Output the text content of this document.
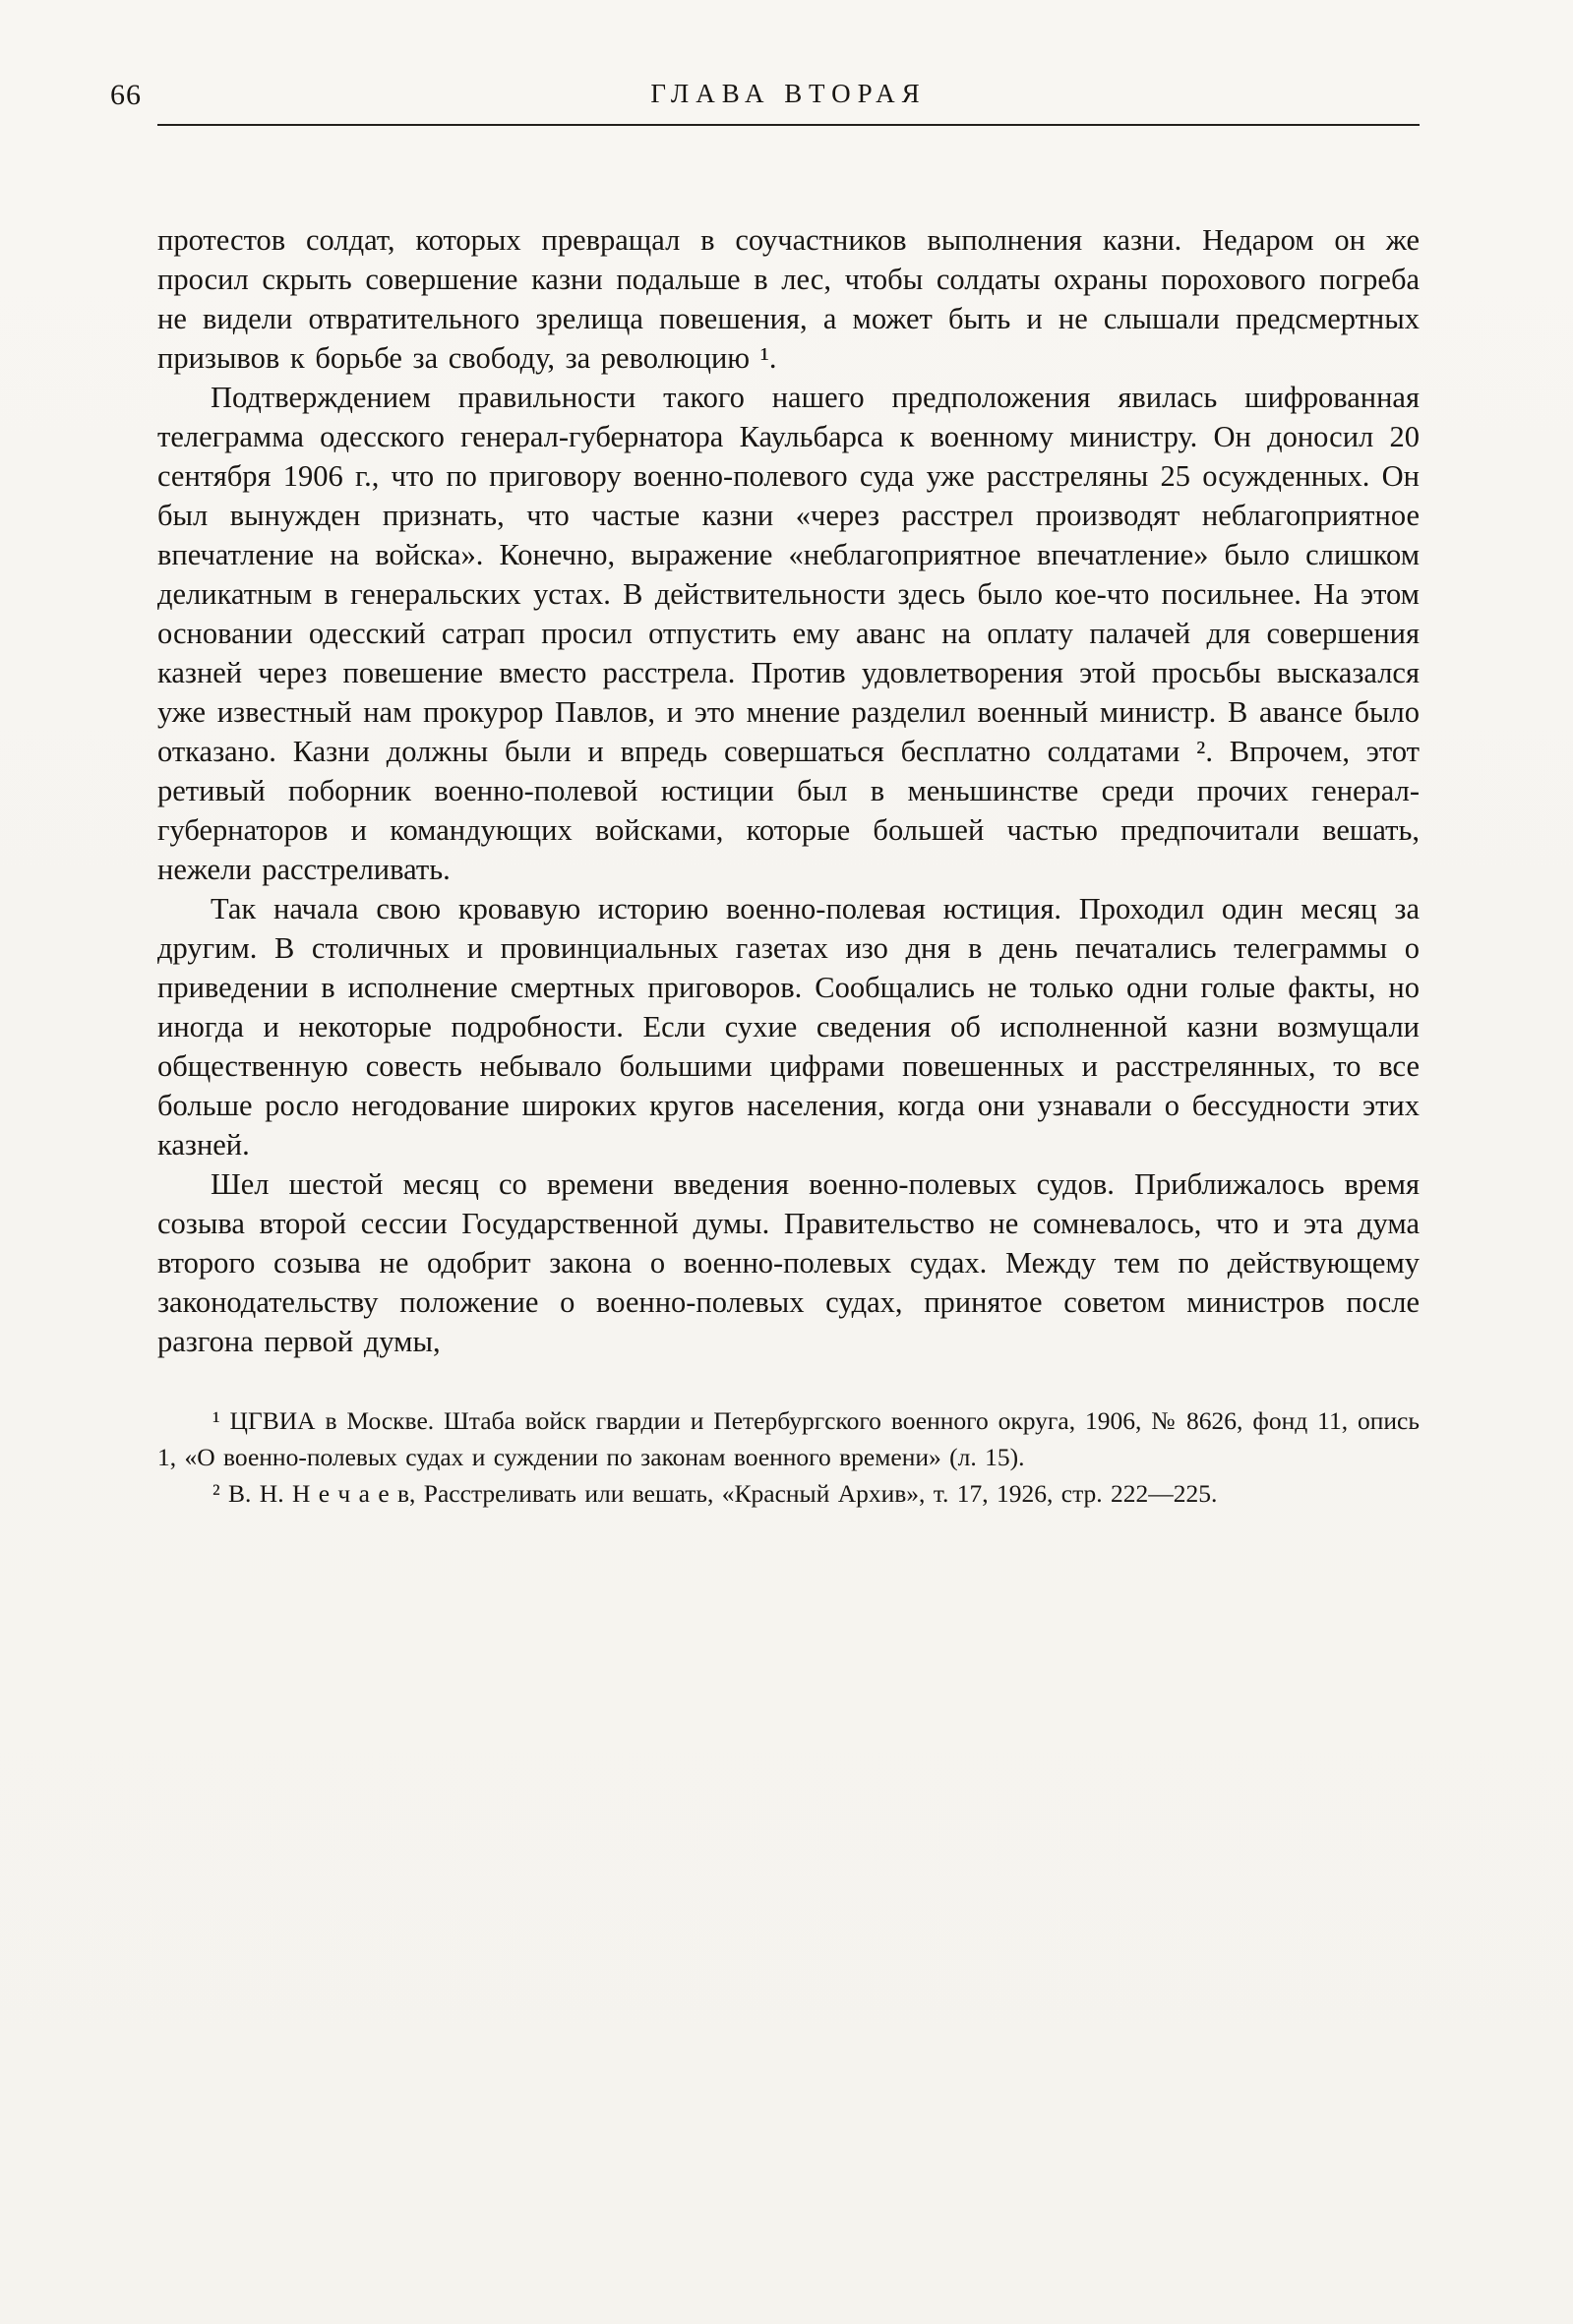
66	ГЛАВА ВТОРАЯ

протестов солдат, которых превращал в соучастников выполнения казни. Недаром он же просил скрыть совершение казни подальше в лес, чтобы солдаты охраны порохового погреба не видели отвратительного зрелища повешения, а может быть и не слышали предсмертных призывов к борьбе за свободу, за революцию ¹.

Подтверждением правильности такого нашего предположения явилась шифрованная телеграмма одесского генерал-губернатора Каульбарса к военному министру. Он доносил 20 сентября 1906 г., что по приговору военно-полевого суда уже расстреляны 25 осужденных. Он был вынужден признать, что частые казни «через расстрел производят неблагоприятное впечатление на войска». Конечно, выражение «неблагоприятное впечатление» было слишком деликатным в генеральских устах. В действительности здесь было кое-что посильнее. На этом основании одесский сатрап просил отпустить ему аванс на оплату палачей для совершения казней через повешение вместо расстрела. Против удовлетворения этой просьбы высказался уже известный нам прокурор Павлов, и это мнение разделил военный министр. В авансе было отказано. Казни должны были и впредь совершаться бесплатно солдатами ². Впрочем, этот ретивый поборник военно-полевой юстиции был в меньшинстве среди прочих генерал-губернаторов и командующих войсками, которые большей частью предпочитали вешать, нежели расстреливать.

Так начала свою кровавую историю военно-полевая юстиция. Проходил один месяц за другим. В столичных и провинциальных газетах изо дня в день печатались телеграммы о приведении в исполнение смертных приговоров. Сообщались не только одни голые факты, но иногда и некоторые подробности. Если сухие сведения об исполненной казни возмущали общественную совесть небывало большими цифрами повешенных и расстрелянных, то все больше росло негодование широких кругов населения, когда они узнавали о бессудности этих казней.

Шел шестой месяц со времени введения военно-полевых судов. Приближалось время созыва второй сессии Государственной думы. Правительство не сомневалось, что и эта дума второго созыва не одобрит закона о военно-полевых судах. Между тем по действующему законодательству положение о военно-полевых судах, принятое советом министров после разгона первой думы,

¹ ЦГВИА в Москве. Штаба войск гвардии и Петербургского военного округа, 1906, № 8626, фонд 11, опись 1, «О военно-полевых судах и суждении по законам военного времени» (л. 15).

² В. Н. Н е ч а е в, Расстреливать или вешать, «Красный Архив», т. 17, 1926, стр. 222—225.
